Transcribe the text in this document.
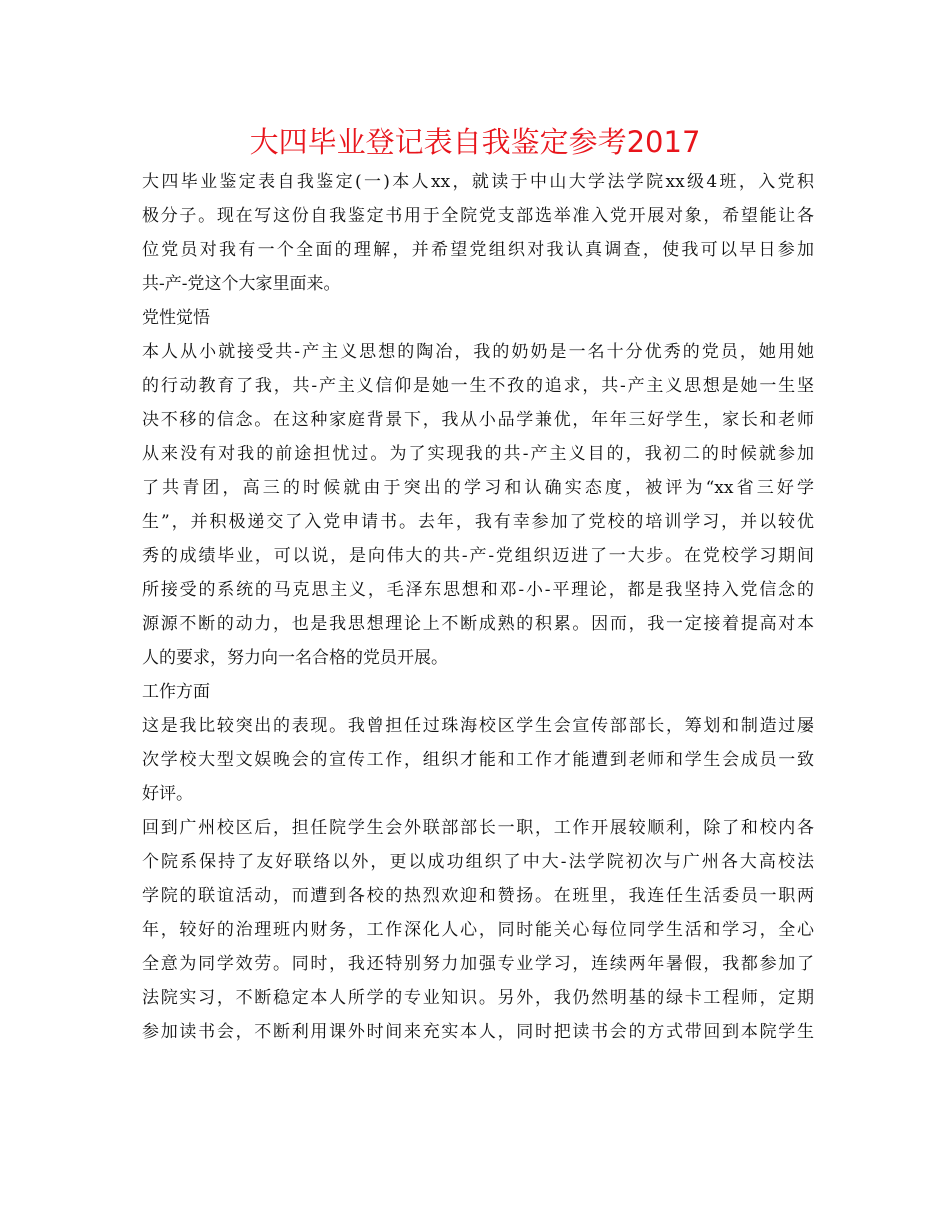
大四毕业登记表自我鉴定参考2017
大四毕业鉴定表自我鉴定(一)本人xx，就读于中山大学法学院xx级4班，入党积
极分子。现在写这份自我鉴定书用于全院党支部选举准入党开展对象，希望能让各
位党员对我有一个全面的理解，并希望党组织对我认真调查，使我可以早日参加
共-产-党这个大家里面来。
党性觉悟
本人从小就接受共-产主义思想的陶冶，我的奶奶是一名十分优秀的党员，她用她
的行动教育了我，共-产主义信仰是她一生不孜的追求，共-产主义思想是她一生坚
决不移的信念。在这种家庭背景下，我从小品学兼优，年年三好学生，家长和老师
从来没有对我的前途担忧过。为了实现我的共-产主义目的，我初二的时候就参加
了共青团，高三的时候就由于突出的学习和认确实态度，被评为“xx省三好学
生”，并积极递交了入党申请书。去年，我有幸参加了党校的培训学习，并以较优
秀的成绩毕业，可以说，是向伟大的共-产-党组织迈进了一大步。在党校学习期间
所接受的系统的马克思主义，毛泽东思想和邓-小-平理论，都是我坚持入党信念的
源源不断的动力，也是我思想理论上不断成熟的积累。因而，我一定接着提高对本
人的要求，努力向一名合格的党员开展。
工作方面
这是我比较突出的表现。我曾担任过珠海校区学生会宣传部部长，筹划和制造过屡
次学校大型文娱晚会的宣传工作，组织才能和工作才能遭到老师和学生会成员一致
好评。
回到广州校区后，担任院学生会外联部部长一职，工作开展较顺利，除了和校内各
个院系保持了友好联络以外，更以成功组织了中大-法学院初次与广州各大高校法
学院的联谊活动，而遭到各校的热烈欢迎和赞扬。在班里，我连任生活委员一职两
年，较好的治理班内财务，工作深化人心，同时能关心每位同学生活和学习，全心
全意为同学效劳。同时，我还特别努力加强专业学习，连续两年暑假，我都参加了
法院实习，不断稳定本人所学的专业知识。另外，我仍然明基的绿卡工程师，定期
参加读书会，不断利用课外时间来充实本人，同时把读书会的方式带回到本院学生
